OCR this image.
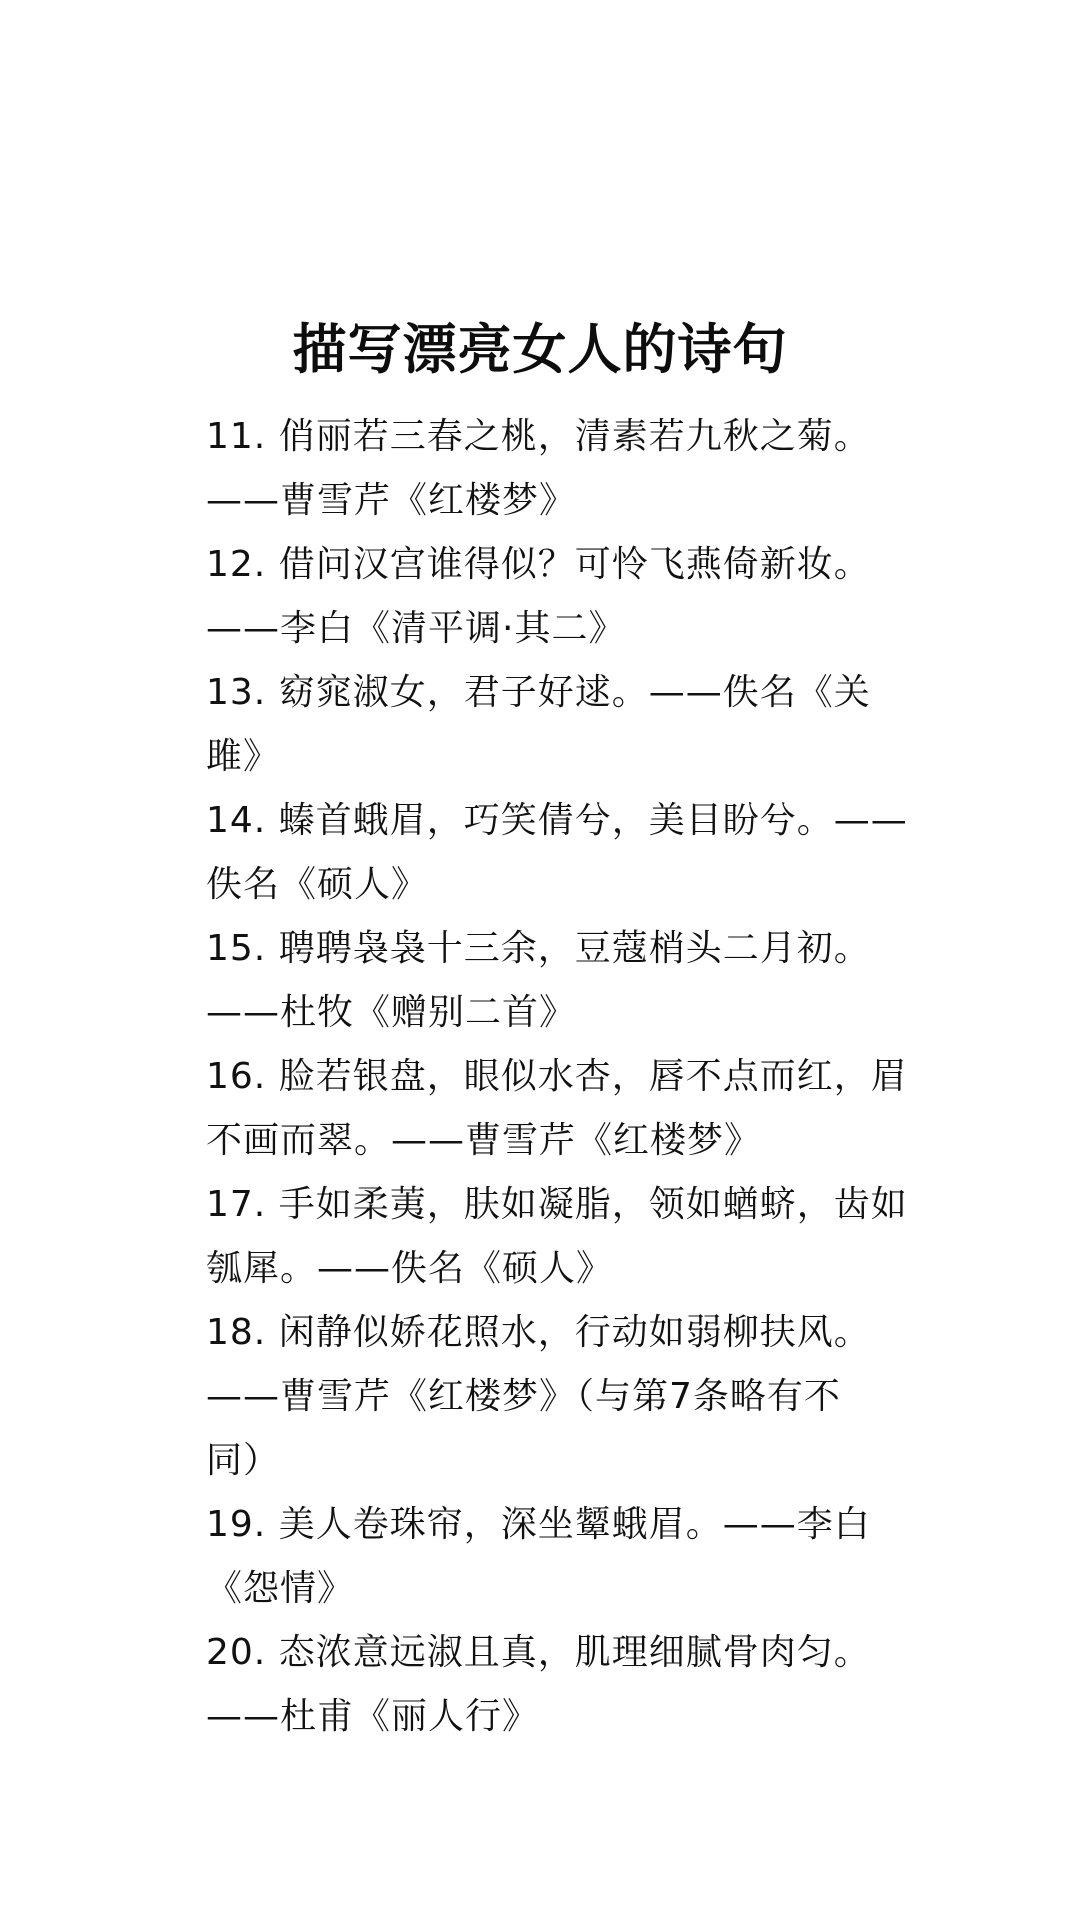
描写漂亮女人的诗句
11. 俏丽若三春之桃，清素若九秋之菊。
——曹雪芹《红楼梦》
12. 借问汉宫谁得似？可怜飞燕倚新妆。
——李白《清平调·其二》
13. 窈窕淑女，君子好逑。——佚名《关
雎》
14. 螓首蛾眉，巧笑倩兮，美目盼兮。——
佚名《硕人》
15. 聘聘袅袅十三余，豆蔻梢头二月初。
——杜牧《赠别二首》
16. 脸若银盘，眼似水杏，唇不点而红，眉
不画而翠。——曹雪芹《红楼梦》
17. 手如柔荑，肤如凝脂，领如蝤蛴，齿如
瓠犀。——佚名《硕人》
18. 闲静似娇花照水，行动如弱柳扶风。
——曹雪芹《红楼梦》（与第7条略有不
同）
19. 美人卷珠帘，深坐颦蛾眉。——李白
《怨情》
20. 态浓意远淑且真，肌理细腻骨肉匀。
——杜甫《丽人行》
